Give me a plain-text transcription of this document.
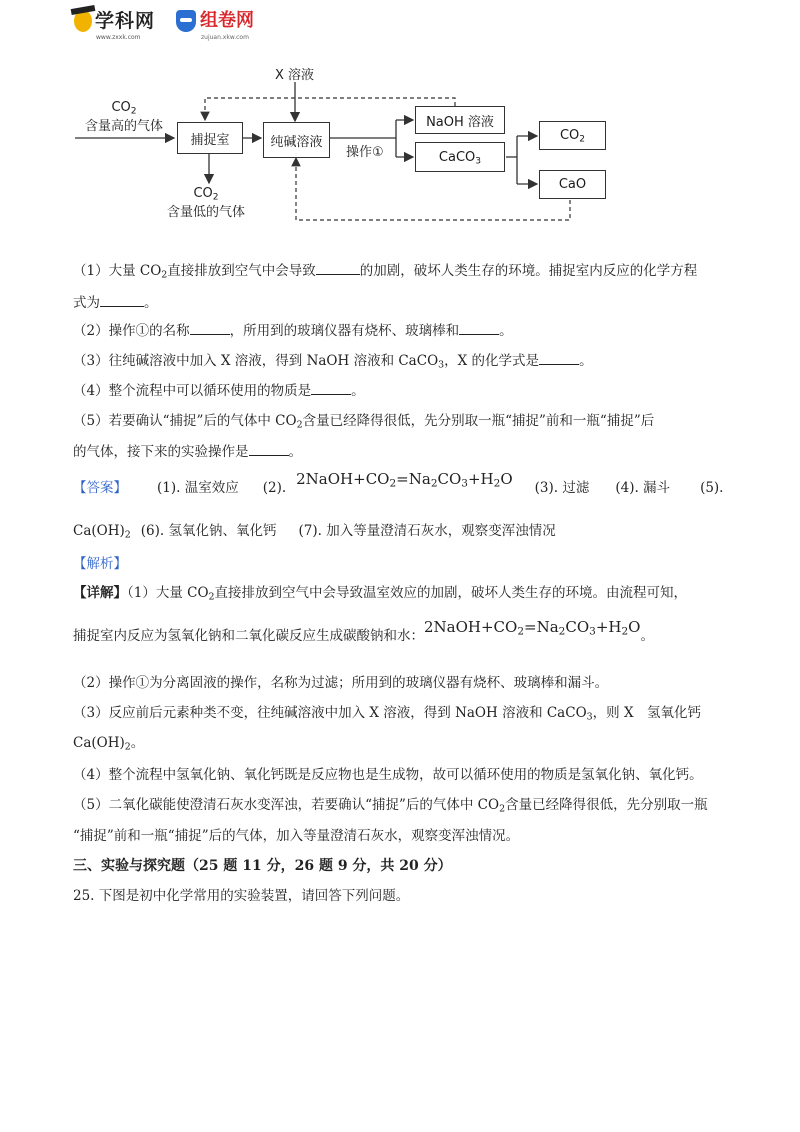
学科网
www.zxxk.com
组卷网
zujuan.xkw.com
X 溶液
$CO_2$
含量高的气体
捕捉室	纯碱溶液
操作①
NaOH 溶液
CaCO$_3$
$CO_2$
CaO
$CO_2$
含量低的气体
（1）大量 $CO_2$直接排放到空气中会导致	的加剧，破坏人类生存的环境。捕捉室内反应的化学方程
式为	。
（2）操作①的名称	，所用到的玻璃仪器有烧杯、玻璃棒和	。
（3）往纯碱溶液中加入 X 溶液，得到 NaOH 溶液和 CaCO$_3$，X 的化学式是	。
（4）整个流程中可以循环使用的物质是	。
（5）若要确认“捕捉”后的气体中 $CO_2$含量已经降得很低，先分别取一瓶“捕捉”前和一瓶“捕捉”后
的气体，接下来的实验操作是	。
【答案】 (1). 温室效应 (2). $2NaOH+CO_2=Na_2CO_3+H_2O$ (3). 过滤 (4). 漏斗 (5).
$Ca(OH)_2$ (6). 氢氧化钠、氧化钙 (7). 加入等量澄清石灰水，观察变浑浊情况
【解析】
【详解】（1）大量 $CO_2$直接排放到空气中会导致温室效应的加剧，破坏人类生存的环境。由流程可知，
捕捉室内反应为氢氧化钠和二氧化碳反应生成碳酸钠和水：$2NaOH+CO_2=Na_2CO_3+H_2O$。
（2）操作①为分离固液的操作，名称为过滤；所用到的玻璃仪器有烧杯、玻璃棒和漏斗。
（3）反应前后元素种类不变，往纯碱溶液中加入 X 溶液，得到 NaOH 溶液和 CaCO$_3$，则 X　氢氧化钙
$Ca(OH)_2$。
（4）整个流程中氢氧化钠、氧化钙既是反应物也是生成物，故可以循环使用的物质是氢氧化钠、氧化钙。
（5）二氧化碳能使澄清石灰水变浑浊，若要确认“捕捉”后的气体中 $CO_2$含量已经降得很低，先分别取一瓶
“捕捉”前和一瓶“捕捉”后的气体，加入等量澄清石灰水，观察变浑浊情况。
三、实验与探究题（25 题 11 分，26 题 9 分，共 20 分）
25. 下图是初中化学常用的实验装置，请回答下列问题。
